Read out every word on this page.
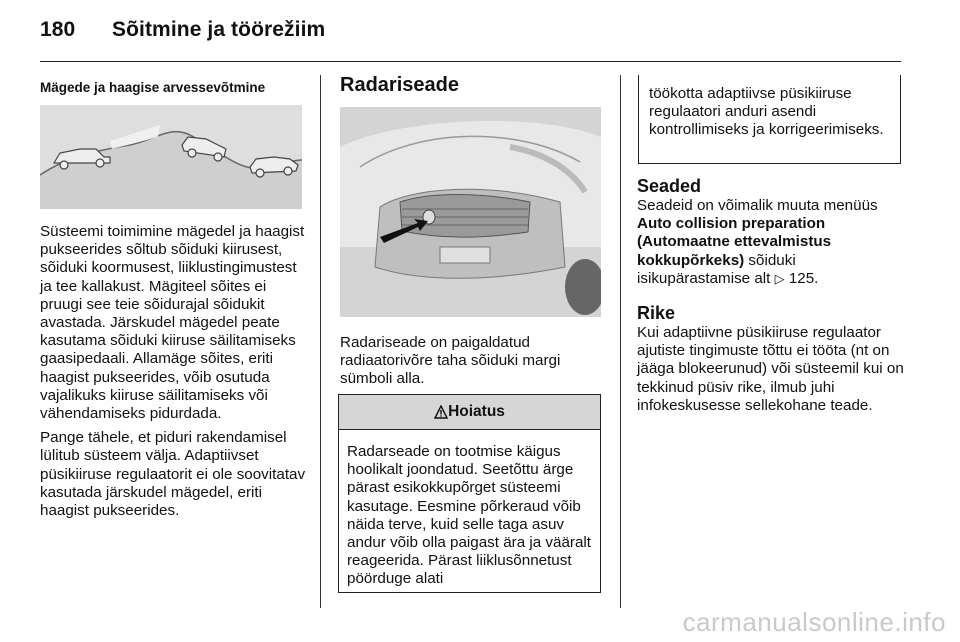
180 Sõitmine ja töörežiim
Mägede ja haagise arvessevõtmine

Süsteemi toimimine mägedel ja haagist pukseerides sõltub sõiduki kiirusest, sõiduki koormusest, liiklustingimustest ja tee kallakust. Mägiteel sõites ei pruugi see teie sõidurajal sõidukit avastada. Järskudel mägedel peate kasutama sõiduki kiiruse säilitamiseks gaasipedaali. Allamäge sõites, eriti haagist pukseerides, võib osutuda vajalikuks kiiruse säilitamiseks või vähendamiseks pidurdada.

Pange tähele, et piduri rakendamisel lülitub süsteem välja. Adaptiivset püsikiiruse regulaatorit ei ole soovitatav kasutada järskudel mägedel, eriti haagist pukseerides.

Radariseade

Radariseade on paigaldatud radiaatorivõre taha sõiduki margi sümboli alla.

Hoiatus
Radarseade on tootmise käigus hoolikalt joondatud. Seetõttu ärge pärast esikokkupõrget süsteemi kasutage. Eesmine põrkeraud võib näida terve, kuid selle taga asuv andur võib olla paigast ära ja vääralt reageerida. Pärast liiklusõnnetust pöörduge alati
töökotta adaptiivse püsikiiruse regulaatori anduri asendi kontrollimiseks ja korrigeerimiseks.
Seaded

Seadeid on võimalik muuta menüüs
Auto collision preparation (Automaatne ettevalmistus kokkupõrkeks) sõiduki isikupärastamise alt ▷ 125.

Rike

Kui adaptiivne püsikiiruse regulaator ajutiste tingimuste tõttu ei tööta (nt on jääga blokeerunud) või süsteemil kui on tekkinud püsiv rike, ilmub juhi infokeskusesse sellekohane teade.

carmanualsonline.info
